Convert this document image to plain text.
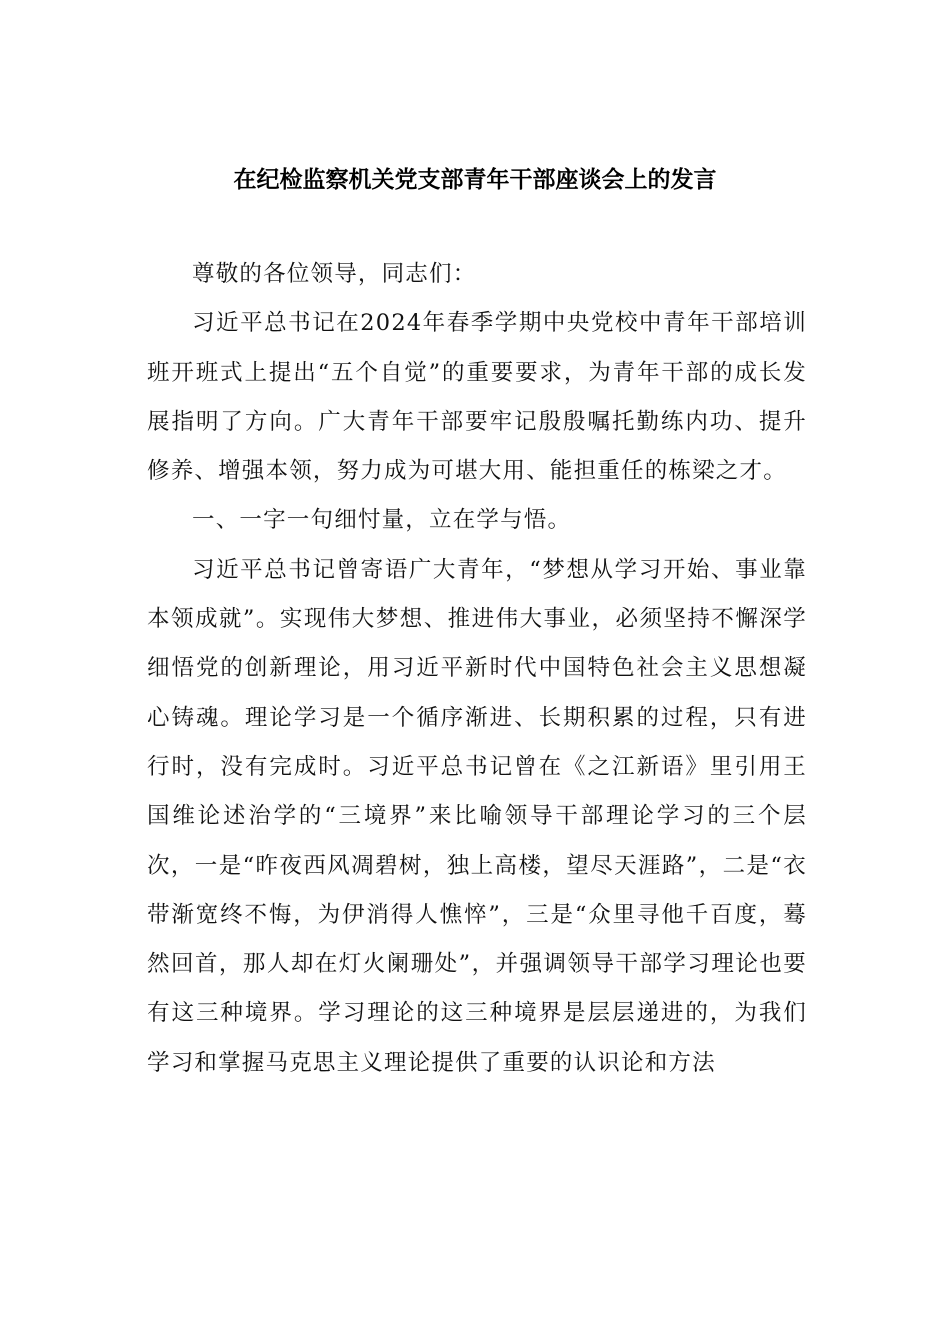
在纪检监察机关党支部青年干部座谈会上的发言

尊敬的各位领导，同志们：

习近平总书记在2024年春季学期中央党校中青年干部培训班开班式上提出“五个自觉”的重要要求，为青年干部的成长发展指明了方向。广大青年干部要牢记殷殷嘱托勤练内功、提升修养、增强本领，努力成为可堪大用、能担重任的栋梁之才。

一、一字一句细忖量，立在学与悟。

习近平总书记曾寄语广大青年，“梦想从学习开始、事业靠本领成就”。实现伟大梦想、推进伟大事业，必须坚持不懈深学细悟党的创新理论，用习近平新时代中国特色社会主义思想凝心铸魂。理论学习是一个循序渐进、长期积累的过程，只有进行时，没有完成时。习近平总书记曾在《之江新语》里引用王国维论述治学的“三境界”来比喻领导干部理论学习的三个层次，一是“昨夜西风凋碧树，独上高楼，望尽天涯路”，二是“衣带渐宽终不悔，为伊消得人憔悴”，三是“众里寻他千百度，蓦然回首，那人却在灯火阑珊处”，并强调领导干部学习理论也要有这三种境界。学习理论的这三种境界是层层递进的，为我们学习和掌握马克思主义理论提供了重要的认识论和方法
